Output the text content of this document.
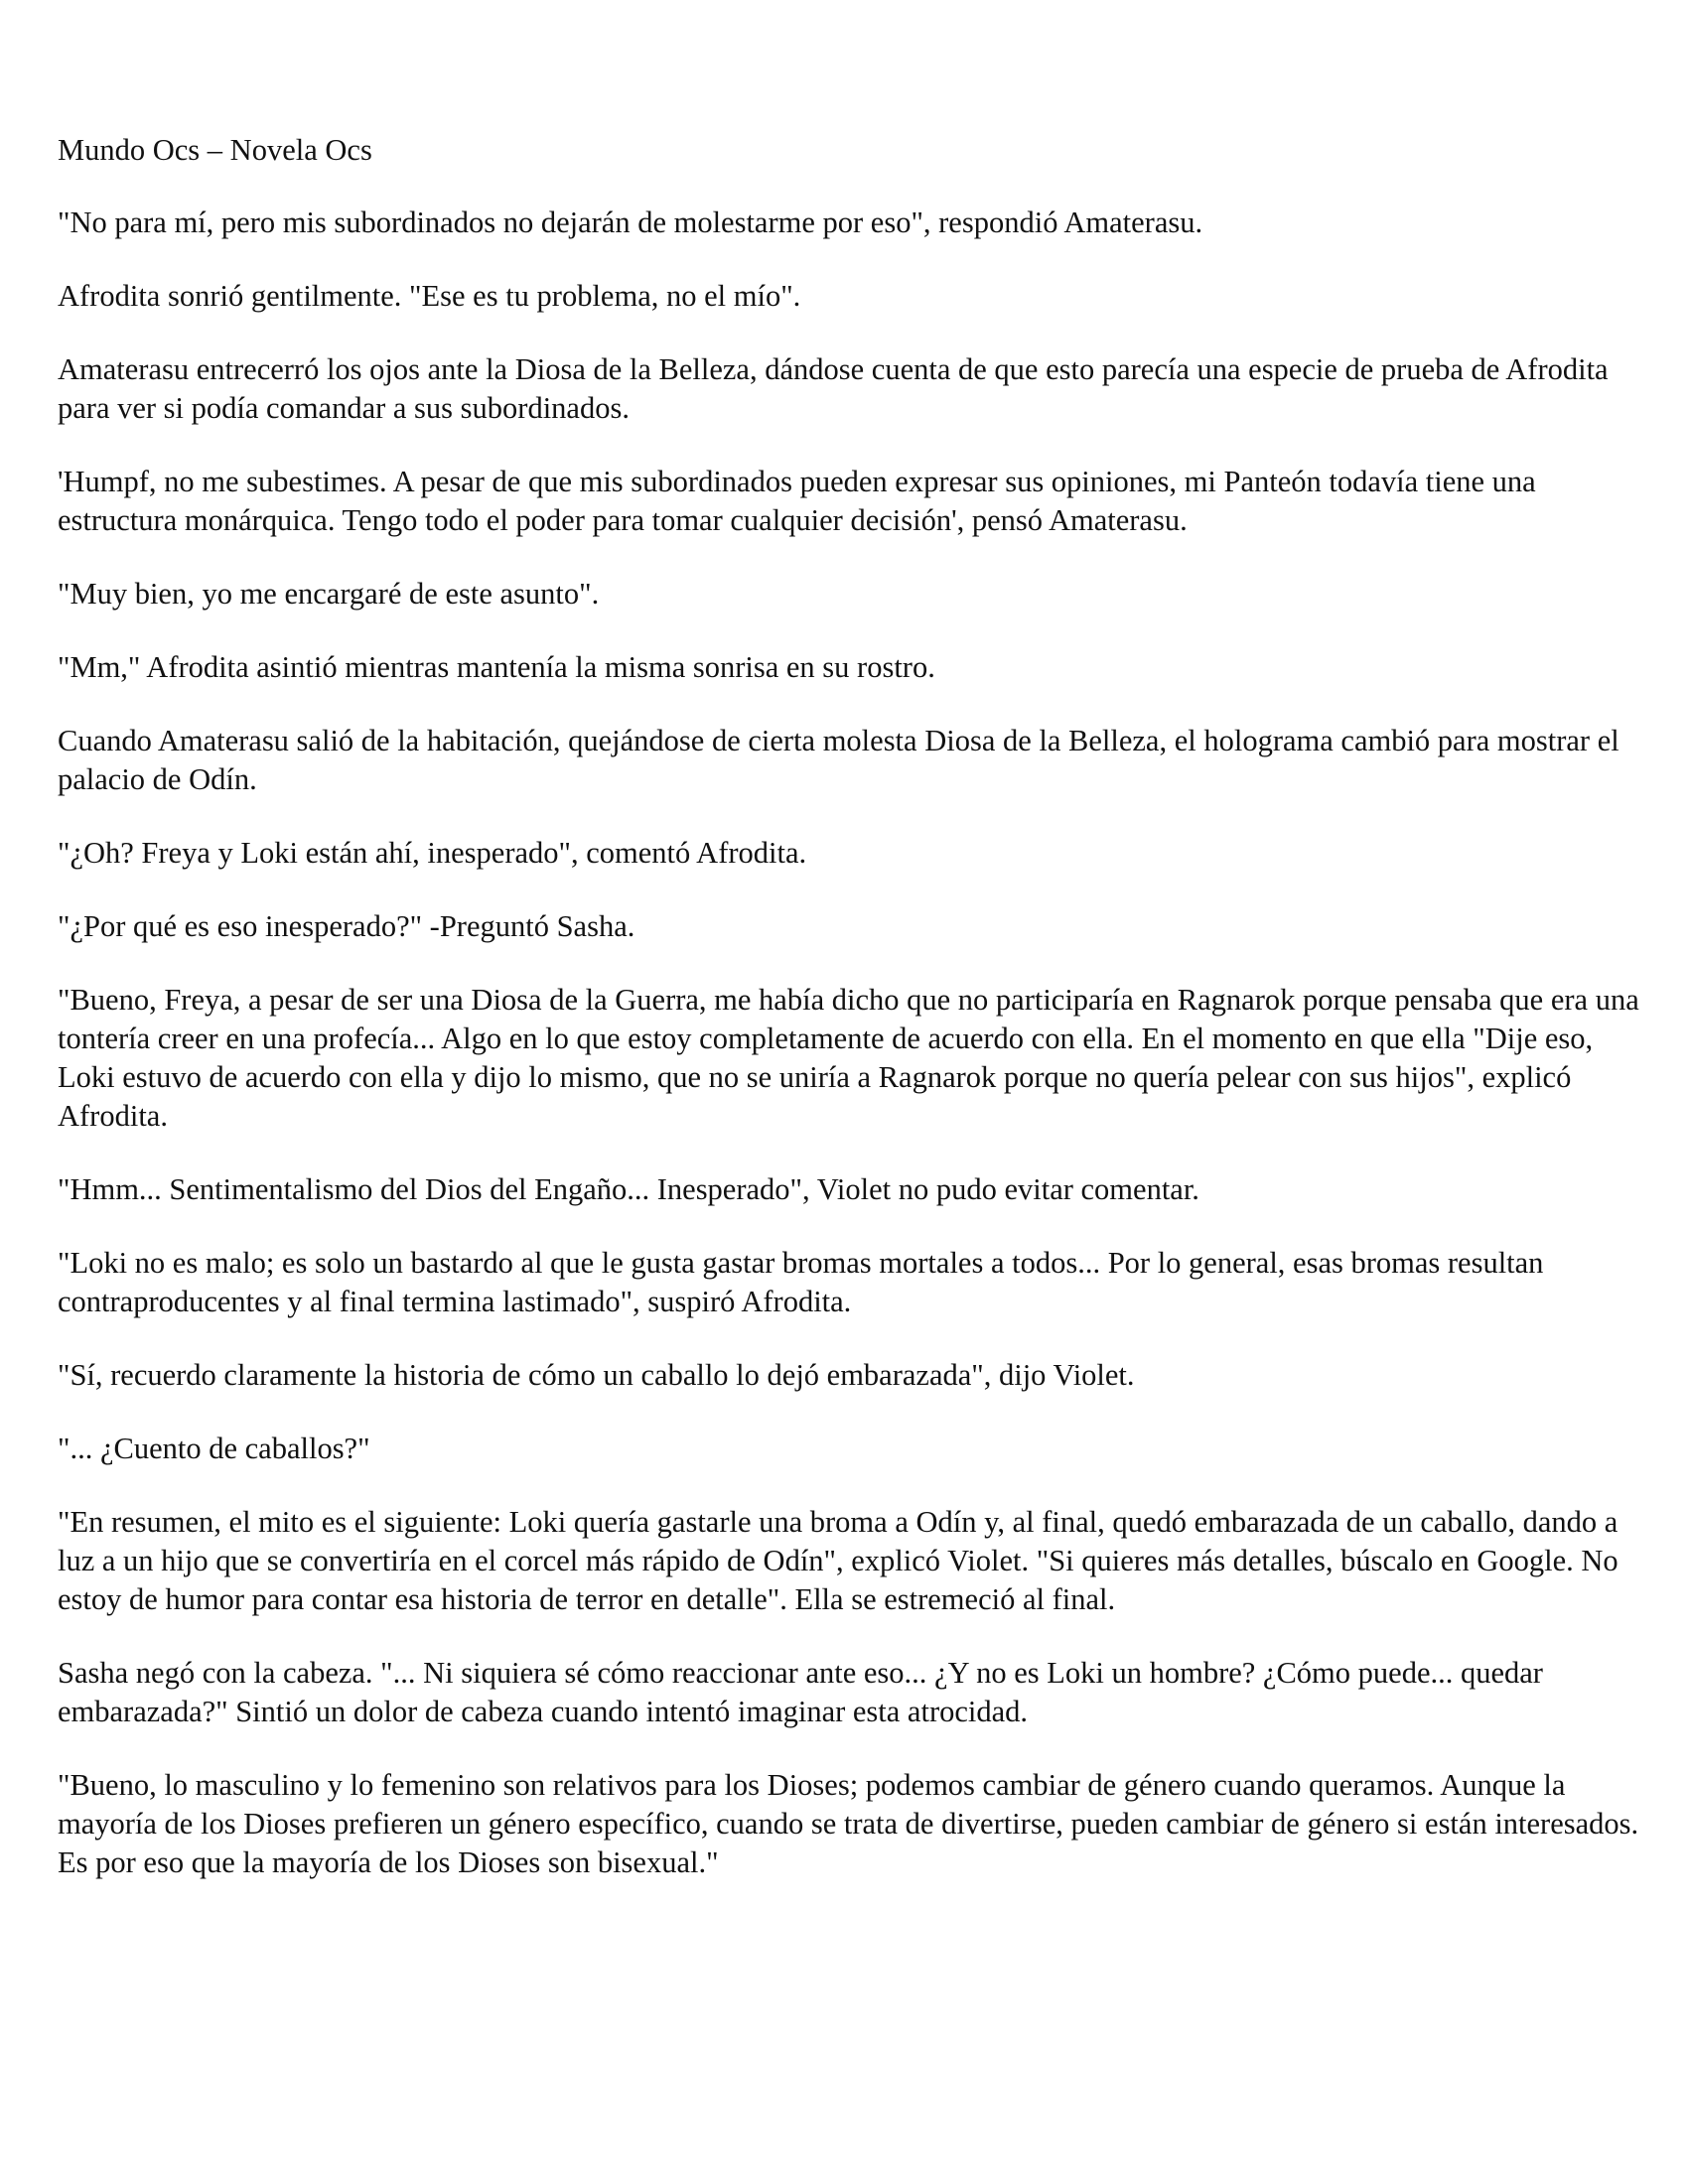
Mundo Ocs – Novela Ocs

"No para mí, pero mis subordinados no dejarán de molestarme por eso", respondió Amaterasu.

Afrodita sonrió gentilmente. "Ese es tu problema, no el mío".

Amaterasu entrecerró los ojos ante la Diosa de la Belleza, dándose cuenta de que esto parecía una especie de prueba de Afrodita para ver si podía comandar a sus subordinados.

'Humpf, no me subestimes. A pesar de que mis subordinados pueden expresar sus opiniones, mi Panteón todavía tiene una estructura monárquica. Tengo todo el poder para tomar cualquier decisión', pensó Amaterasu.

"Muy bien, yo me encargaré de este asunto".

"Mm," Afrodita asintió mientras mantenía la misma sonrisa en su rostro.

Cuando Amaterasu salió de la habitación, quejándose de cierta molesta Diosa de la Belleza, el holograma cambió para mostrar el palacio de Odín.

"¿Oh? Freya y Loki están ahí, inesperado", comentó Afrodita.

"¿Por qué es eso inesperado?" -Preguntó Sasha.

"Bueno, Freya, a pesar de ser una Diosa de la Guerra, me había dicho que no participaría en Ragnarok porque pensaba que era una tontería creer en una profecía... Algo en lo que estoy completamente de acuerdo con ella. En el momento en que ella "Dije eso, Loki estuvo de acuerdo con ella y dijo lo mismo, que no se uniría a Ragnarok porque no quería pelear con sus hijos", explicó Afrodita.

"Hmm... Sentimentalismo del Dios del Engaño... Inesperado", Violet no pudo evitar comentar.

"Loki no es malo; es solo un bastardo al que le gusta gastar bromas mortales a todos... Por lo general, esas bromas resultan contraproducentes y al final termina lastimado", suspiró Afrodita.

"Sí, recuerdo claramente la historia de cómo un caballo lo dejó embarazada", dijo Violet.

"... ¿Cuento de caballos?"

"En resumen, el mito es el siguiente: Loki quería gastarle una broma a Odín y, al final, quedó embarazada de un caballo, dando a luz a un hijo que se convertiría en el corcel más rápido de Odín", explicó Violet. "Si quieres más detalles, búscalo en Google. No estoy de humor para contar esa historia de terror en detalle". Ella se estremeció al final.

Sasha negó con la cabeza. "... Ni siquiera sé cómo reaccionar ante eso... ¿Y no es Loki un hombre? ¿Cómo puede... quedar embarazada?" Sintió un dolor de cabeza cuando intentó imaginar esta atrocidad.

"Bueno, lo masculino y lo femenino son relativos para los Dioses; podemos cambiar de género cuando queramos. Aunque la mayoría de los Dioses prefieren un género específico, cuando se trata de divertirse, pueden cambiar de género si están interesados. Es por eso que la mayoría de los Dioses son bisexual."
